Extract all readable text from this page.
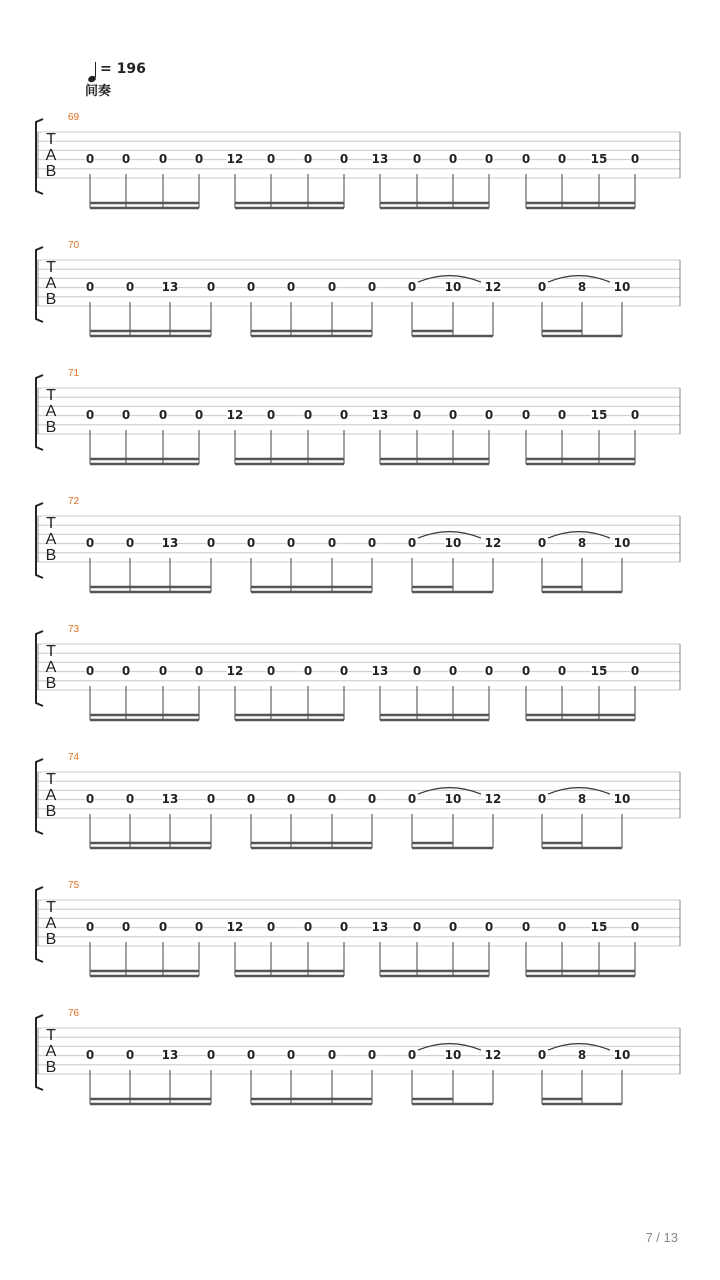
= 196
间奏
T
A
B
69
0 0 0 0 12 0 0 0 13 0 0 0 0 0 15 0
T
A
B
70
0	0 13 0	0	0	0	0	0 10 12	0	8 10
T
A
B
71
0 0 0 0 12 0 0 0 13 0 0 0 0 0 15 0
T
A
B
72
0	0 13 0	0	0	0	0	0 10 12	0	8 10
T
A
B
73
0 0 0 0 12 0 0 0 13 0 0 0 0 0 15 0
T
A
B
74
0	0 13 0	0	0	0	0	0 10 12	0	8 10
T
A
B
75
0 0 0 0 12 0 0 0 13 0 0 0 0 0 15 0
T
A
B
76
0	0 13 0	0	0	0	0	0 10 12	0	8 10
7 / 13
